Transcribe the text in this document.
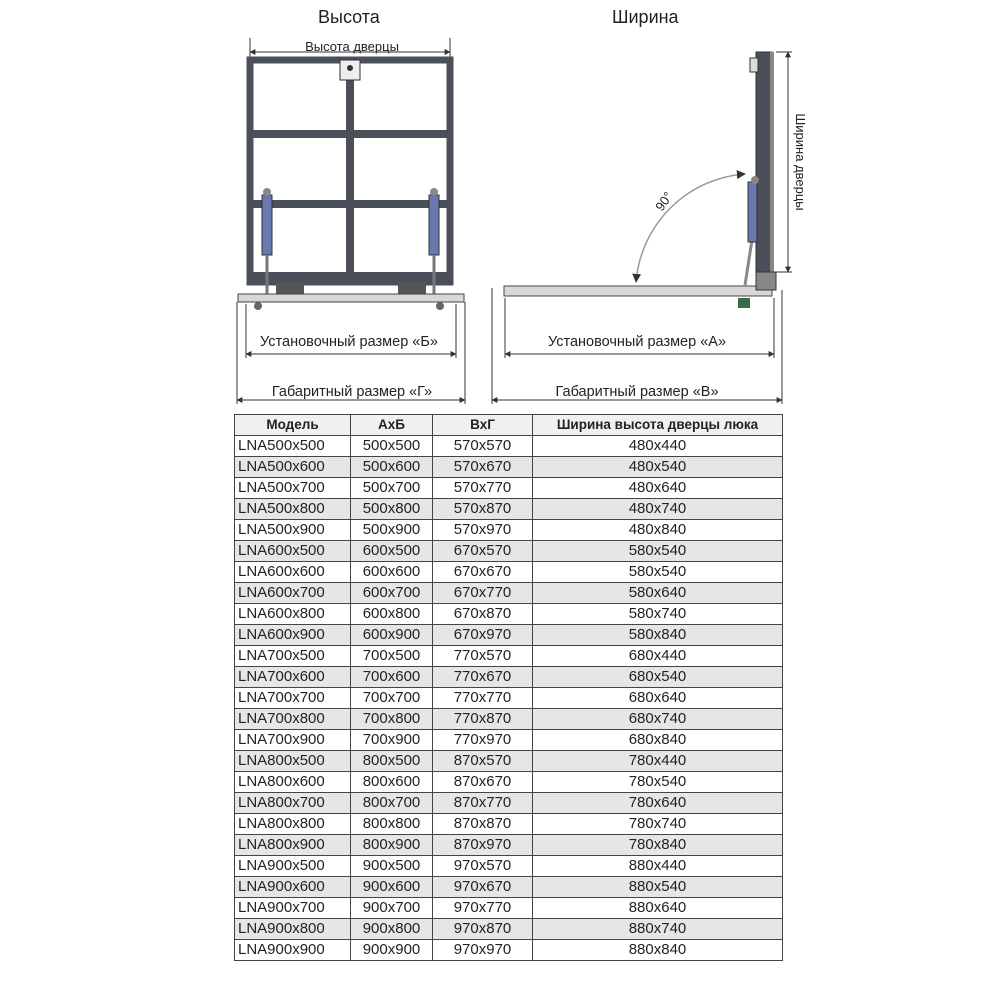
Высота	Ширина
Высота дверцы
Установочный размер «Б»
Габаритный размер «Г»
90°	Ширина дверцы
Установочный размер «А»
Габаритный размер «В»
Модель	АхБ	ВхГ	Ширина высота дверцы люка
LNA500x500	500x500	570x570	480x440
LNA500x600	500x600	570x670	480x540
LNA500x700	500x700	570x770	480x640
LNA500x800	500x800	570x870	480x740
LNA500x900	500x900	570x970	480x840
LNA600x500	600x500	670x570	580x540
LNA600x600	600x600	670x670	580x540
LNA600x700	600x700	670x770	580x640
LNA600x800	600x800	670x870	580x740
LNA600x900	600x900	670x970	580x840
LNA700x500	700x500	770x570	680x440
LNA700x600	700x600	770x670	680x540
LNA700x700	700x700	770x770	680x640
LNA700x800	700x800	770x870	680x740
LNA700x900	700x900	770x970	680x840
LNA800x500	800x500	870x570	780x440
LNA800x600	800x600	870x670	780x540
LNA800x700	800x700	870x770	780x640
LNA800x800	800x800	870x870	780x740
LNA800x900	800x900	870x970	780x840
LNA900x500	900x500	970x570	880x440
LNA900x600	900x600	970x670	880x540
LNA900x700	900x700	970x770	880x640
LNA900x800	900x800	970x870	880x740
LNA900x900	900x900	970x970	880x840
